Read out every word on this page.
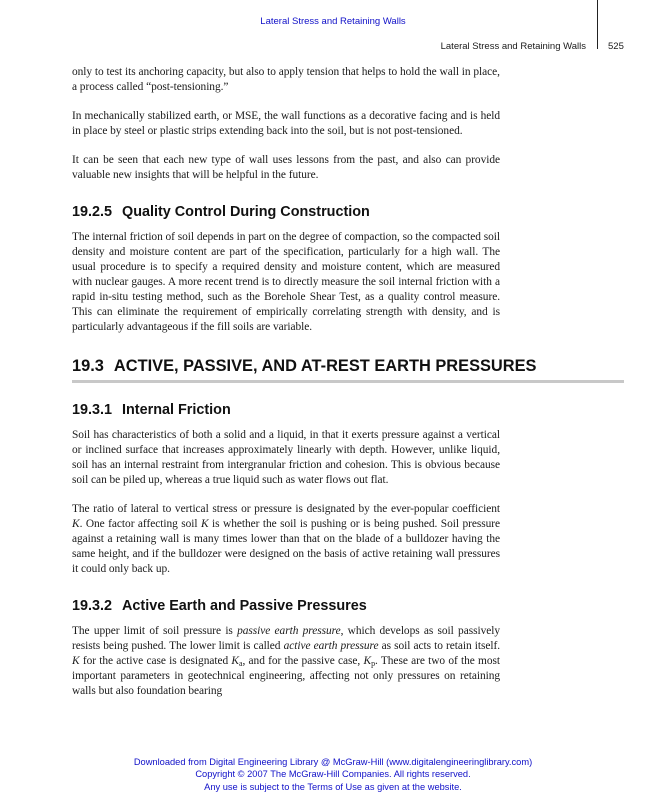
Lateral Stress and Retaining Walls
Lateral Stress and Retaining Walls 525

only to test its anchoring capacity, but also to apply tension that helps to hold the wall in place, a process called “post-tensioning.”

In mechanically stabilized earth, or MSE, the wall functions as a decorative facing and is held in place by steel or plastic strips extending back into the soil, but is not post-tensioned.

It can be seen that each new type of wall uses lessons from the past, and also can provide valuable new insights that will be helpful in the future.

19.2.5 Quality Control During Construction

The internal friction of soil depends in part on the degree of compaction, so the compacted soil density and moisture content are part of the specification, particularly for a high wall. The usual procedure is to specify a required density and moisture content, which are measured with nuclear gauges. A more recent trend is to directly measure the soil internal friction with a rapid in-situ testing method, such as the Borehole Shear Test, as a quality control measure. This can eliminate the requirement of empirically correlating strength with density, and is particularly advantageous if the fill soils are variable.

19.3 ACTIVE, PASSIVE, AND AT-REST EARTH PRESSURES
19.3.1 Internal Friction

Soil has characteristics of both a solid and a liquid, in that it exerts pressure against a vertical or inclined surface that increases approximately linearly with depth. However, unlike liquid, soil has an internal restraint from intergranular friction and cohesion. This is obvious because soil can be piled up, whereas a true liquid such as water flows out flat.

The ratio of lateral to vertical stress or pressure is designated by the ever-popular coefficient K. One factor affecting soil K is whether the soil is pushing or is being pushed. Soil pressure against a retaining wall is many times lower than that on the blade of a bulldozer having the same height, and if the bulldozer were designed on the basis of active retaining wall pressures it could only back up.

19.3.2 Active Earth and Passive Pressures

The upper limit of soil pressure is passive earth pressure, which develops as soil passively resists being pushed. The lower limit is called active earth pressure as soil acts to retain itself. K for the active case is designated $K_a$, and for the passive case, $K_p$. These are two of the most important parameters in geotechnical engineering, affecting not only pressures on retaining walls but also foundation bearing

Downloaded from Digital Engineering Library @ McGraw-Hill (www.digitalengineeringlibrary.com)
Copyright © 2007 The McGraw-Hill Companies. All rights reserved.
Any use is subject to the Terms of Use as given at the website.
